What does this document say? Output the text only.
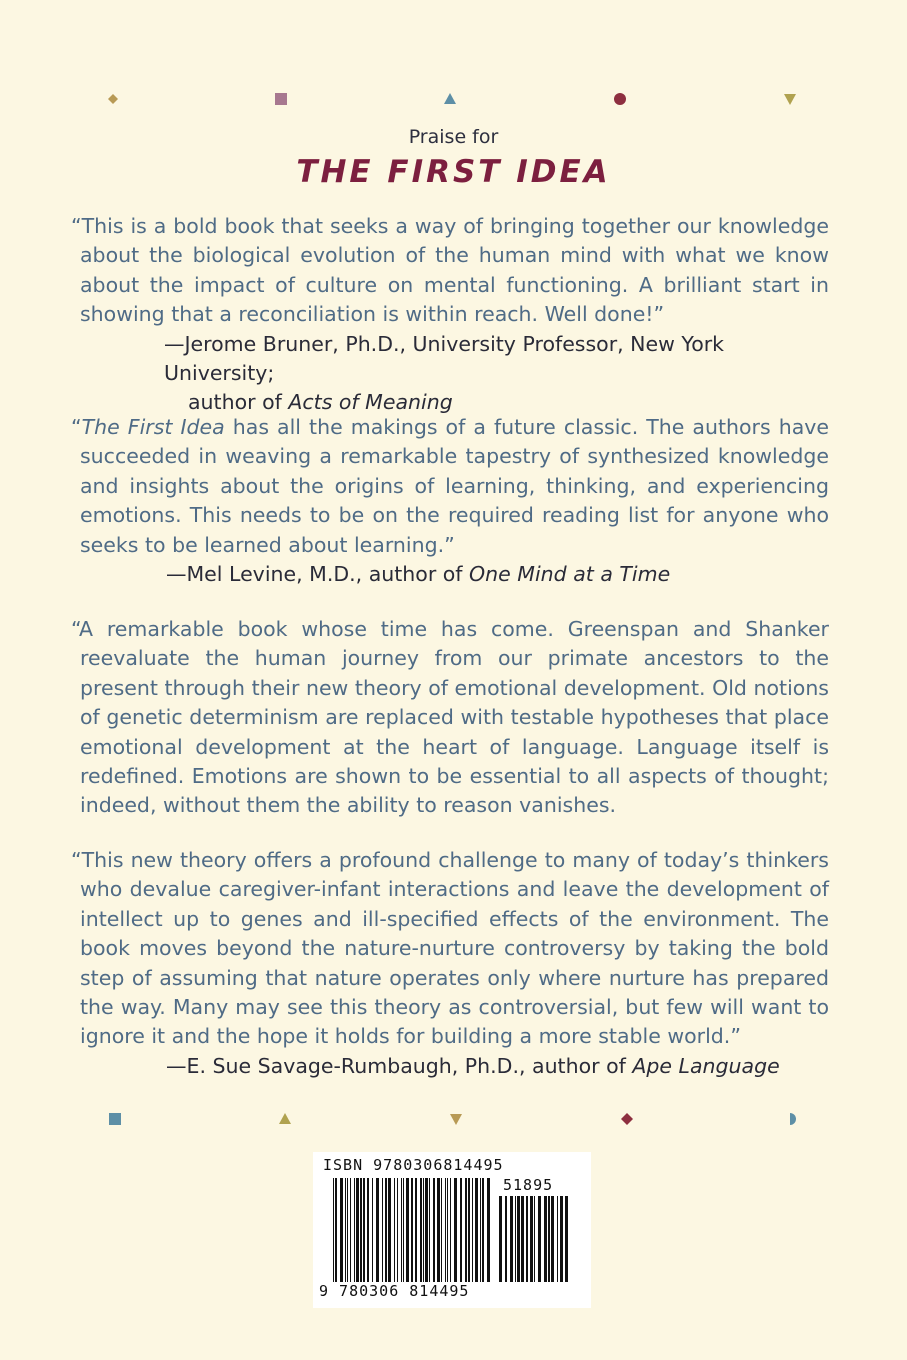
Praise for
THE FIRST IDEA
“This is a bold book that seeks a way of bringing together our knowledge about the biological evolution of the human mind with what we know about the impact of culture on mental functioning. A brilliant start in showing that a reconciliation is within reach. Well done!”
—Jerome Bruner, Ph.D., University Professor, New York University;
author of Acts of Meaning
“The First Idea has all the makings of a future classic. The authors have succeeded in weaving a remarkable tapestry of synthesized knowledge and insights about the origins of learning, thinking, and experiencing emotions. This needs to be on the required reading list for anyone who seeks to be learned about learning.”
—Mel Levine, M.D., author of One Mind at a Time
“A remarkable book whose time has come. Greenspan and Shanker reevaluate the human journey from our primate ancestors to the present through their new theory of emotional development. Old notions of genetic determinism are replaced with testable hypotheses that place emotional development at the heart of language. Language itself is redefined. Emotions are shown to be essential to all aspects of thought; indeed, without them the ability to reason vanishes.
“This new theory offers a profound challenge to many of today’s thinkers who devalue caregiver-infant interactions and leave the development of intellect up to genes and ill-specified effects of the environment. The book moves beyond the nature-nurture controversy by taking the bold step of assuming that nature operates only where nurture has prepared the way. Many may see this theory as controversial, but few will want to ignore it and the hope it holds for building a more stable world.”
—E. Sue Savage-Rumbaugh, Ph.D., author of Ape Language
ISBN 9780306814495
51895
9 780306 814495
